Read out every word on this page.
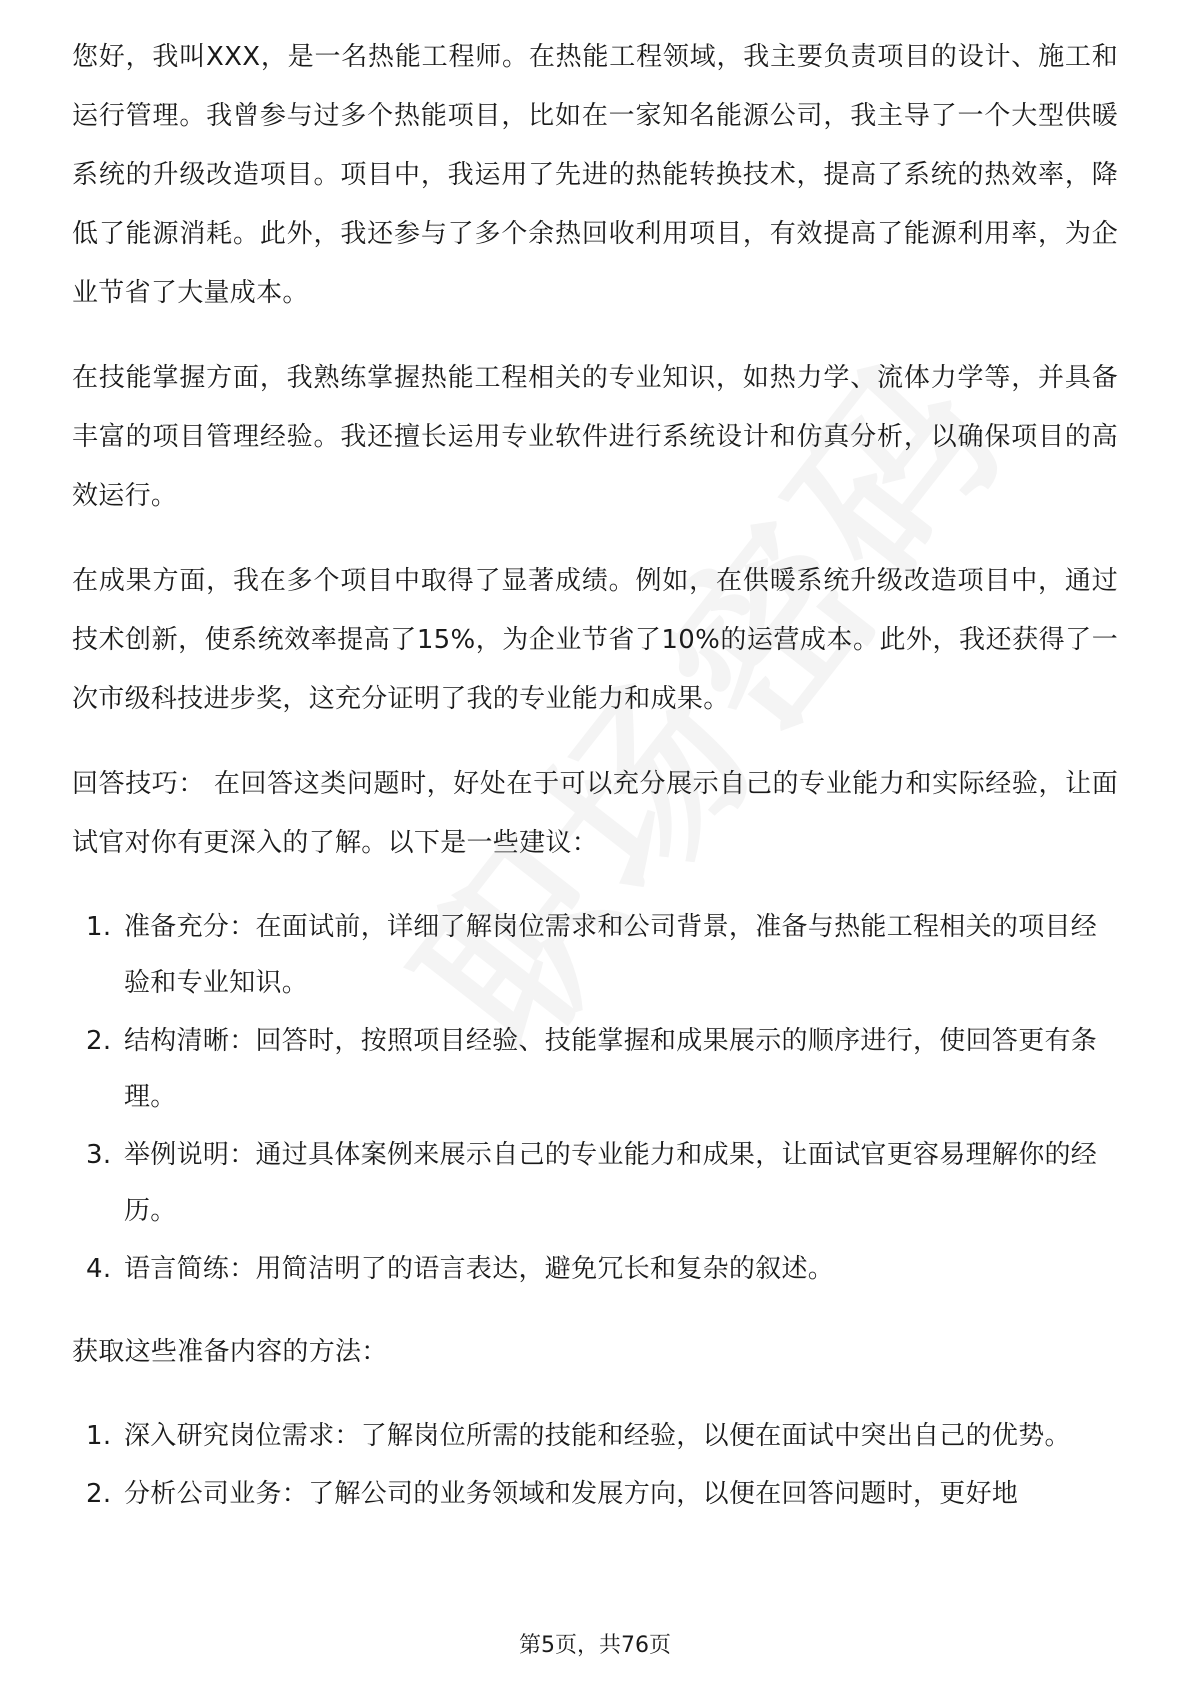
您好，我叫XXX，是一名热能工程师。在热能工程领域，我主要负责项目的设计、施工和运行管理。我曾参与过多个热能项目，比如在一家知名能源公司，我主导了一个大型供暖系统的升级改造项目。项目中，我运用了先进的热能转换技术，提高了系统的热效率，降低了能源消耗。此外，我还参与了多个余热回收利用项目，有效提高了能源利用率，为企业节省了大量成本。

在技能掌握方面，我熟练掌握热能工程相关的专业知识，如热力学、流体力学等，并具备丰富的项目管理经验。我还擅长运用专业软件进行系统设计和仿真分析，以确保项目的高效运行。

在成果方面，我在多个项目中取得了显著成绩。例如，在供暖系统升级改造项目中，通过技术创新，使系统效率提高了15%，为企业节省了10%的运营成本。此外，我还获得了一次市级科技进步奖，这充分证明了我的专业能力和成果。

回答技巧： 在回答这类问题时，好处在于可以充分展示自己的专业能力和实际经验，让面试官对你有更深入的了解。以下是一些建议：

1. 准备充分：在面试前，详细了解岗位需求和公司背景，准备与热能工程相关的项目经验和专业知识。
2. 结构清晰：回答时，按照项目经验、技能掌握和成果展示的顺序进行，使回答更有条理。
3. 举例说明：通过具体案例来展示自己的专业能力和成果，让面试官更容易理解你的经历。
4. 语言简练：用简洁明了的语言表达，避免冗长和复杂的叙述。

获取这些准备内容的方法：

1. 深入研究岗位需求：了解岗位所需的技能和经验，以便在面试中突出自己的优势。
2. 分析公司业务：了解公司的业务领域和发展方向，以便在回答问题时，更好地
第5页，共76页
